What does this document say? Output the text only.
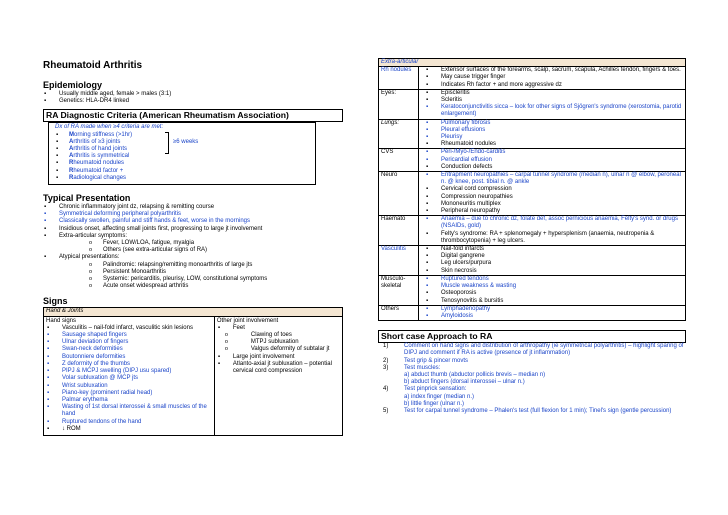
Rheumatoid Arthritis
Epidemiology
▪ Usually middle aged, female > males (3:1)
▪ Genetics: HLA-DR4 linked
RA Diagnostic Criteria (American Rheumatism Association)
Dx of RA made when ≥4 criteria are met:
▪ Morning stiffness (>1hr)
▪ Arthritis of ≥3 joints
▪ Arthritis of hand joints
▪ Arthritis is symmetrical
▪ Rheumatoid nodules
▪ Rheumatoid factor +
▪ Radiological changes
≥6 weeks
Typical Presentation
▪ Chronic inflammatory joint dz, relapsing & remitting course
▪ Symmetrical deforming peripheral polyarthritis
▪ Classically swollen, painful and stiff hands & feet, worse in the mornings
▪ Insidious onset, affecting small joints first, progressing to large jt involvement
▪ Extra-articular symptoms:
o Fever, LOW/LOA, fatigue, myalgia
o Others (see extra-articular signs of RA)
▪ Atypical presentations:
o Palindromic: relapsing/remitting monoarthritis of large jts
o Persistent Monoarthritis
o Systemic: pericarditis, pleurisy, LOW, constitutional symptoms
o Acute onset widespread arthritis
Signs
Hand & Joints
Hand signs
▪ Vasculitis – nail-fold infarct, vasculitic skin lesions
▪ Sausage shaped fingers
▪ Ulnar deviation of fingers
▪ Swan-neck deformities
▪ Boutonniere deformities
▪ Z deformity of the thumbs
▪ PIPJ & MCPJ swelling (DIPJ usu spared)
▪ Volar subluxation @ MCP jts
▪ Wrist subluxation
▪ Piano-key (prominent radial head)
▪ Palmar erythema
▪ Wasting of 1st dorsal interossei & small muscles of the hand
▪ Ruptured tendons of the hand
▪ ↓ ROM
Other joint involvement
▪ Feet
o Clawing of toes
o MTPJ subluxation
o Valgus deformity of subtalar jt
▪ Large joint involvement
▪ Atlanto-axial jt subluxation – potential cervical cord compression
Extra-articular
Rh nodules	▪ Extensor surfaces of the forearms, scalp, sacrum, scapula, Achilles tendon, fingers & toes.
▪ May cause trigger finger
▪ Indicates Rh factor + and more aggressive dz
Eyes:	▪ Episcleritis
▪ Scleritis
▪ Keratoconjunctivitis sicca – look for other signs of Sjögren's syndrome (xerostomia, parotid enlargement)
Lungs:	▪ Pulmonary fibrosis
▪ Pleural effusions
▪ Pleurisy
▪ Rheumatoid nodules
CVS	▪ Peri-/Myo-/Endo-carditis
▪ Pericardial effusion
▪ Conduction defects
Neuro	▪ Entrapment neuropathies – carpal tunnel syndrome (median n), ulnar n @ elbow, peroneal n. @ knee, post. tibial n. @ ankle
▪ Cervical cord compression
▪ Compression neuropathies
▪ Mononeuritis multiplex
▪ Peripheral neuropathy
Haemato	▪ Anaemia – due to chronic dz, folate def, assoc pernicious anaemia, Felty's synd. or drugs (NSAIDs, gold)
▪ Felty's syndrome: RA + splenomegaly + hypersplenism (anaemia, neutropenia & thrombocytopenia) + leg ulcers.
Vasculitis	▪ Nail-fold infarcts
▪ Digital gangrene
▪ Leg ulcers/purpura
▪ Skin necrosis
Musculo-skeletal
▪ Ruptured tendons
▪ Muscle weakness & wasting
▪ Osteoporosis
▪ Tenosynovitis & bursitis
Others	▪ Lymphadenopathy
▪ Amyloidosis
Short case Approach to RA
1)	Comment on hand signs and distribution of arthropathy (ie symmetrical polyarthritis) – highlight sparing of DIPJ and comment if RA is active (presence of jt inflammation)
2)	Test grip & pincer movts
3)	Test muscles:
a) abduct thumb (abductor pollicis brevis – median n)
b) abduct fingers (dorsal interossei – ulnar n.)
4)	Test pinprick sensation:
a) index finger (median n.)
b) little finger (ulnar n.)
5)	Test for carpal tunnel syndrome – Phalen's test (full flexion for 1 min); Tinel's sign (gentle percussion)
